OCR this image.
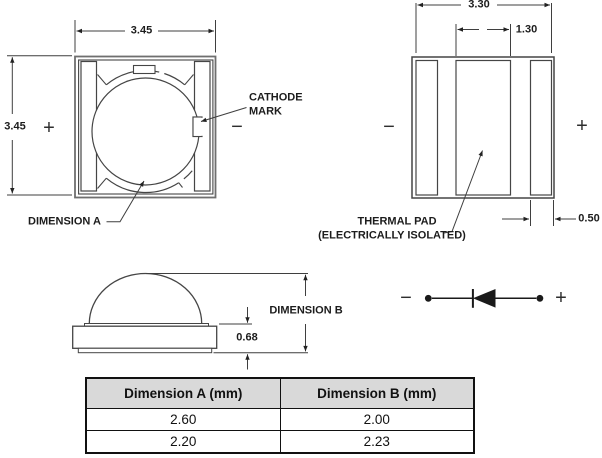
3.45
3.45 +	−
CATHODE
MARK
DIMENSION A
3.30
1.30
0.50
−	+
THERMAL PAD
(ELECTRICALLY ISOLATED)
0.68
DIMENSION B
−	+
Dimension A (mm)	Dimension B (mm)
2.60	2.00
2.20	2.23
